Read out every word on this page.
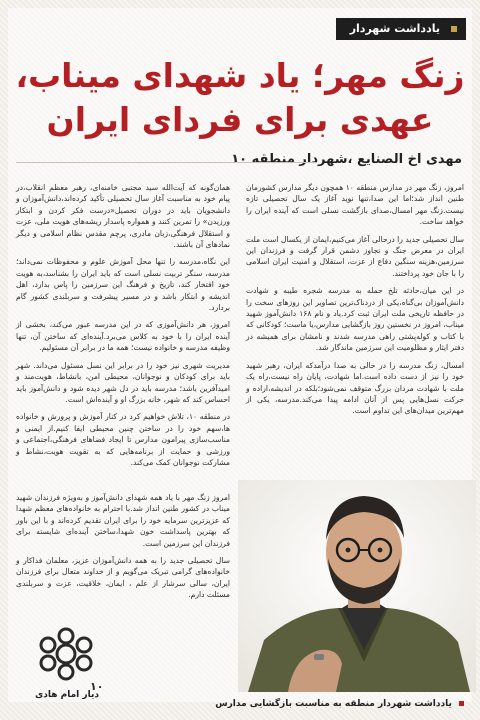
یادداشت شهردار
زنگ مهر؛ یاد شهدای میناب،
عهدی برای فردای ایران
مهدی اخ الصنایع ،شهردار منطقه ۱۰

امروز، زنگ مهر در مدارس منطقه ۱۰ همچون دیگر مدارس کشورمان طنین انداز شد؛اما این صدا،تنها نوید آغاز یک سال تحصیلی تازه نیست.زنگ مهر امسال،صدای بازگشت نسلی است که آینده ایران را خواهد ساخت.

سال تحصیلی جدید را درحالی آغاز می‌کنیم،ایمان از یکسال است ملت ایران در معرض جنگ و تجاوز دشمن قرار گرفت و فرزندان این سرزمین،هزینه سنگین دفاع از عزت، استقلال و امنیت ایران اسلامی را با جان خود پرداختند.

در این میان،حادثه تلخ حمله به مدرسه شجره طیبه و شهادت دانش‌آموزان بی‌گناه،یکی از دردناک‌ترین تصاویر این روزهای سخت را در حافظه تاریخی ملت ایران ثبت کرد.یاد و نام ۱۶۸ دانش‌آموز شهید میناب، امروز در نخستین روز بازگشایی مدارس،یا ماست؛ کودکانی که با کتاب و کوله‌پشتی راهی مدرسه شدند و نامشان برای همیشه در دفتر ایثار و مظلومیت این سرزمین ماندگار شد.

امسال، زنگ مدرسه را در حالی به صدا درآمدکه ایران، رهبر شهید خود را نیز از دست داده است.اما شهادت، پایان راه نیست،راه یک ملت با شهادت مردان بزرگ متوقف نمی‌شود؛بلکه در اندیشه،اراده و حرکت نسل‌هایی پس از آنان ادامه پیدا می‌کند.مدرسه، یکی از مهم‌ترین میدان‌های این تداوم است.

همان‌گونه که آیت‌الله سید مجتبی خامنه‌ای، رهبر معظم انقلاب،در پیام خود به مناسبت آغاز سال تحصیلی تأکید کرده‌اند،دانش‌آموزان و دانشجویان باید در دوران تحصیل«درست فکر کردن و ابتکار ورزیدن» را تمرین کنند و همواره پاسدار ریشه‌های هویت ملی، عزت و استقلال فرهنگی،زبان مادری، پرچم مقدس نظام اسلامی و دیگر نمادهای آن باشند.

این نگاه،مدرسه را تنها محل آموزش علوم و محفوظات نمی‌داند؛مدرسه، سنگر تربیت نسلی است که باید ایران را بشناسد،به هویت خود افتخار کند، تاریخ و فرهنگ این سرزمین را پاس بدارد، اهل اندیشه و ابتکار باشد و در مسیر پیشرفت و سربلندی کشور گام بردارد.

امروز، هر دانش‌آموزی که در این مدرسه عبور می‌کند، بخشی از آینده ایران را با خود به کلاس می‌برد.آینده‌ای که ساختن آن، تنها وظیفه مدرسه و خانواده نیست؛ همه ما در برابر آن مسئولیم.

مدیریت شهری نیز خود را در برابر این نسل مسئول می‌داند. شهر باید برای کودکان و نوجوانان، محیطی امن، بانشاط، هویت‌مند و امیدآفرین باشد؛ مدرسه باید در دل شهر دیده شود و دانش‌آموز باید احساس کند که شهر، خانه بزرگ او و آینده‌اش است.

در منطقه ۱۰، تلاش خواهیم کرد در کنار آموزش و پرورش و خانواده ها،سهم خود را در ساختن چنین محیطی ایفا کنیم.از ایمنی و مناسب‌سازی پیرامون مدارس تا ایجاد فضاهای فرهنگی،اجتماعی و ورزشی و حمایت از برنامه‌هایی که به تقویت هویت،نشاط و مشارکت نوجوانان کمک می‌کند.

امروز زنگ مهر با یاد همه شهدای دانش‌آموز و به‌ویژه فرزندان شهید میناب در کشور طنین انداز شد.با احترام به خانواده‌های معظم شهدا که عزیزترین سرمایه خود را برای ایران تقدیم کرده‌اند و با این باور که بهترین پاسداشت خون شهدا،ساختن آینده‌ای شایسته برای فرزندان این سرزمین است.

سال تحصیلی جدید را به همه دانش‌آموزان عزیز، معلمان فداکار و خانواده‌های گرامی تبریک می‌گویم و از خداوند متعال برای فرزندان ایران، سالی سرشار از علم ، ایمان، خلاقیت، عزت و سربلندی مسئلت دارم.

۱۰
دیار امام هادی
یادداشت شهردار منطقه به مناسبت بازگشایی مدارس
